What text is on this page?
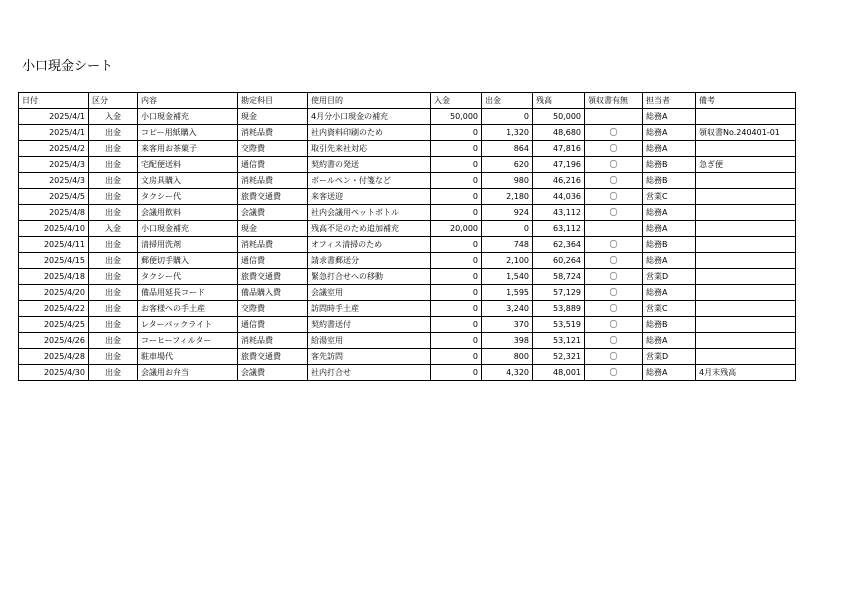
小口現金シート
日付	区分	内容	勘定科目	使用目的	入金	出金	残高	領収書有無	担当者	備考
2025/4/1	入金	小口現金補充	現金	4月分小口現金の補充	50,000	0	50,000		総務A	
2025/4/1	出金	コピー用紙購入	消耗品費	社内資料印刷のため	0	1,320	48,680	〇	総務A	領収書No.240401-01
2025/4/2	出金	来客用お茶菓子	交際費	取引先来社対応	0	864	47,816	〇	総務A	
2025/4/3	出金	宅配便送料	通信費	契約書の発送	0	620	47,196	〇	総務B	急ぎ便
2025/4/3	出金	文房具購入	消耗品費	ボールペン・付箋など	0	980	46,216	〇	総務B	
2025/4/5	出金	タクシー代	旅費交通費	来客送迎	0	2,180	44,036	〇	営業C	
2025/4/8	出金	会議用飲料	会議費	社内会議用ペットボトル	0	924	43,112	〇	総務A	
2025/4/10	入金	小口現金補充	現金	残高不足のため追加補充	20,000	0	63,112		総務A	
2025/4/11	出金	清掃用洗剤	消耗品費	オフィス清掃のため	0	748	62,364	〇	総務B	
2025/4/15	出金	郵便切手購入	通信費	請求書郵送分	0	2,100	60,264	〇	総務A	
2025/4/18	出金	タクシー代	旅費交通費	緊急打合せへの移動	0	1,540	58,724	〇	営業D	
2025/4/20	出金	備品用延長コード	備品購入費	会議室用	0	1,595	57,129	〇	総務A	
2025/4/22	出金	お客様への手土産	交際費	訪問時手土産	0	3,240	53,889	〇	営業C	
2025/4/25	出金	レターパックライト	通信費	契約書送付	0	370	53,519	〇	総務B	
2025/4/26	出金	コーヒーフィルター	消耗品費	給湯室用	0	398	53,121	〇	総務A	
2025/4/28	出金	駐車場代	旅費交通費	客先訪問	0	800	52,321	〇	営業D	
2025/4/30	出金	会議用お弁当	会議費	社内打合せ	0	4,320	48,001	〇	総務A	4月末残高
